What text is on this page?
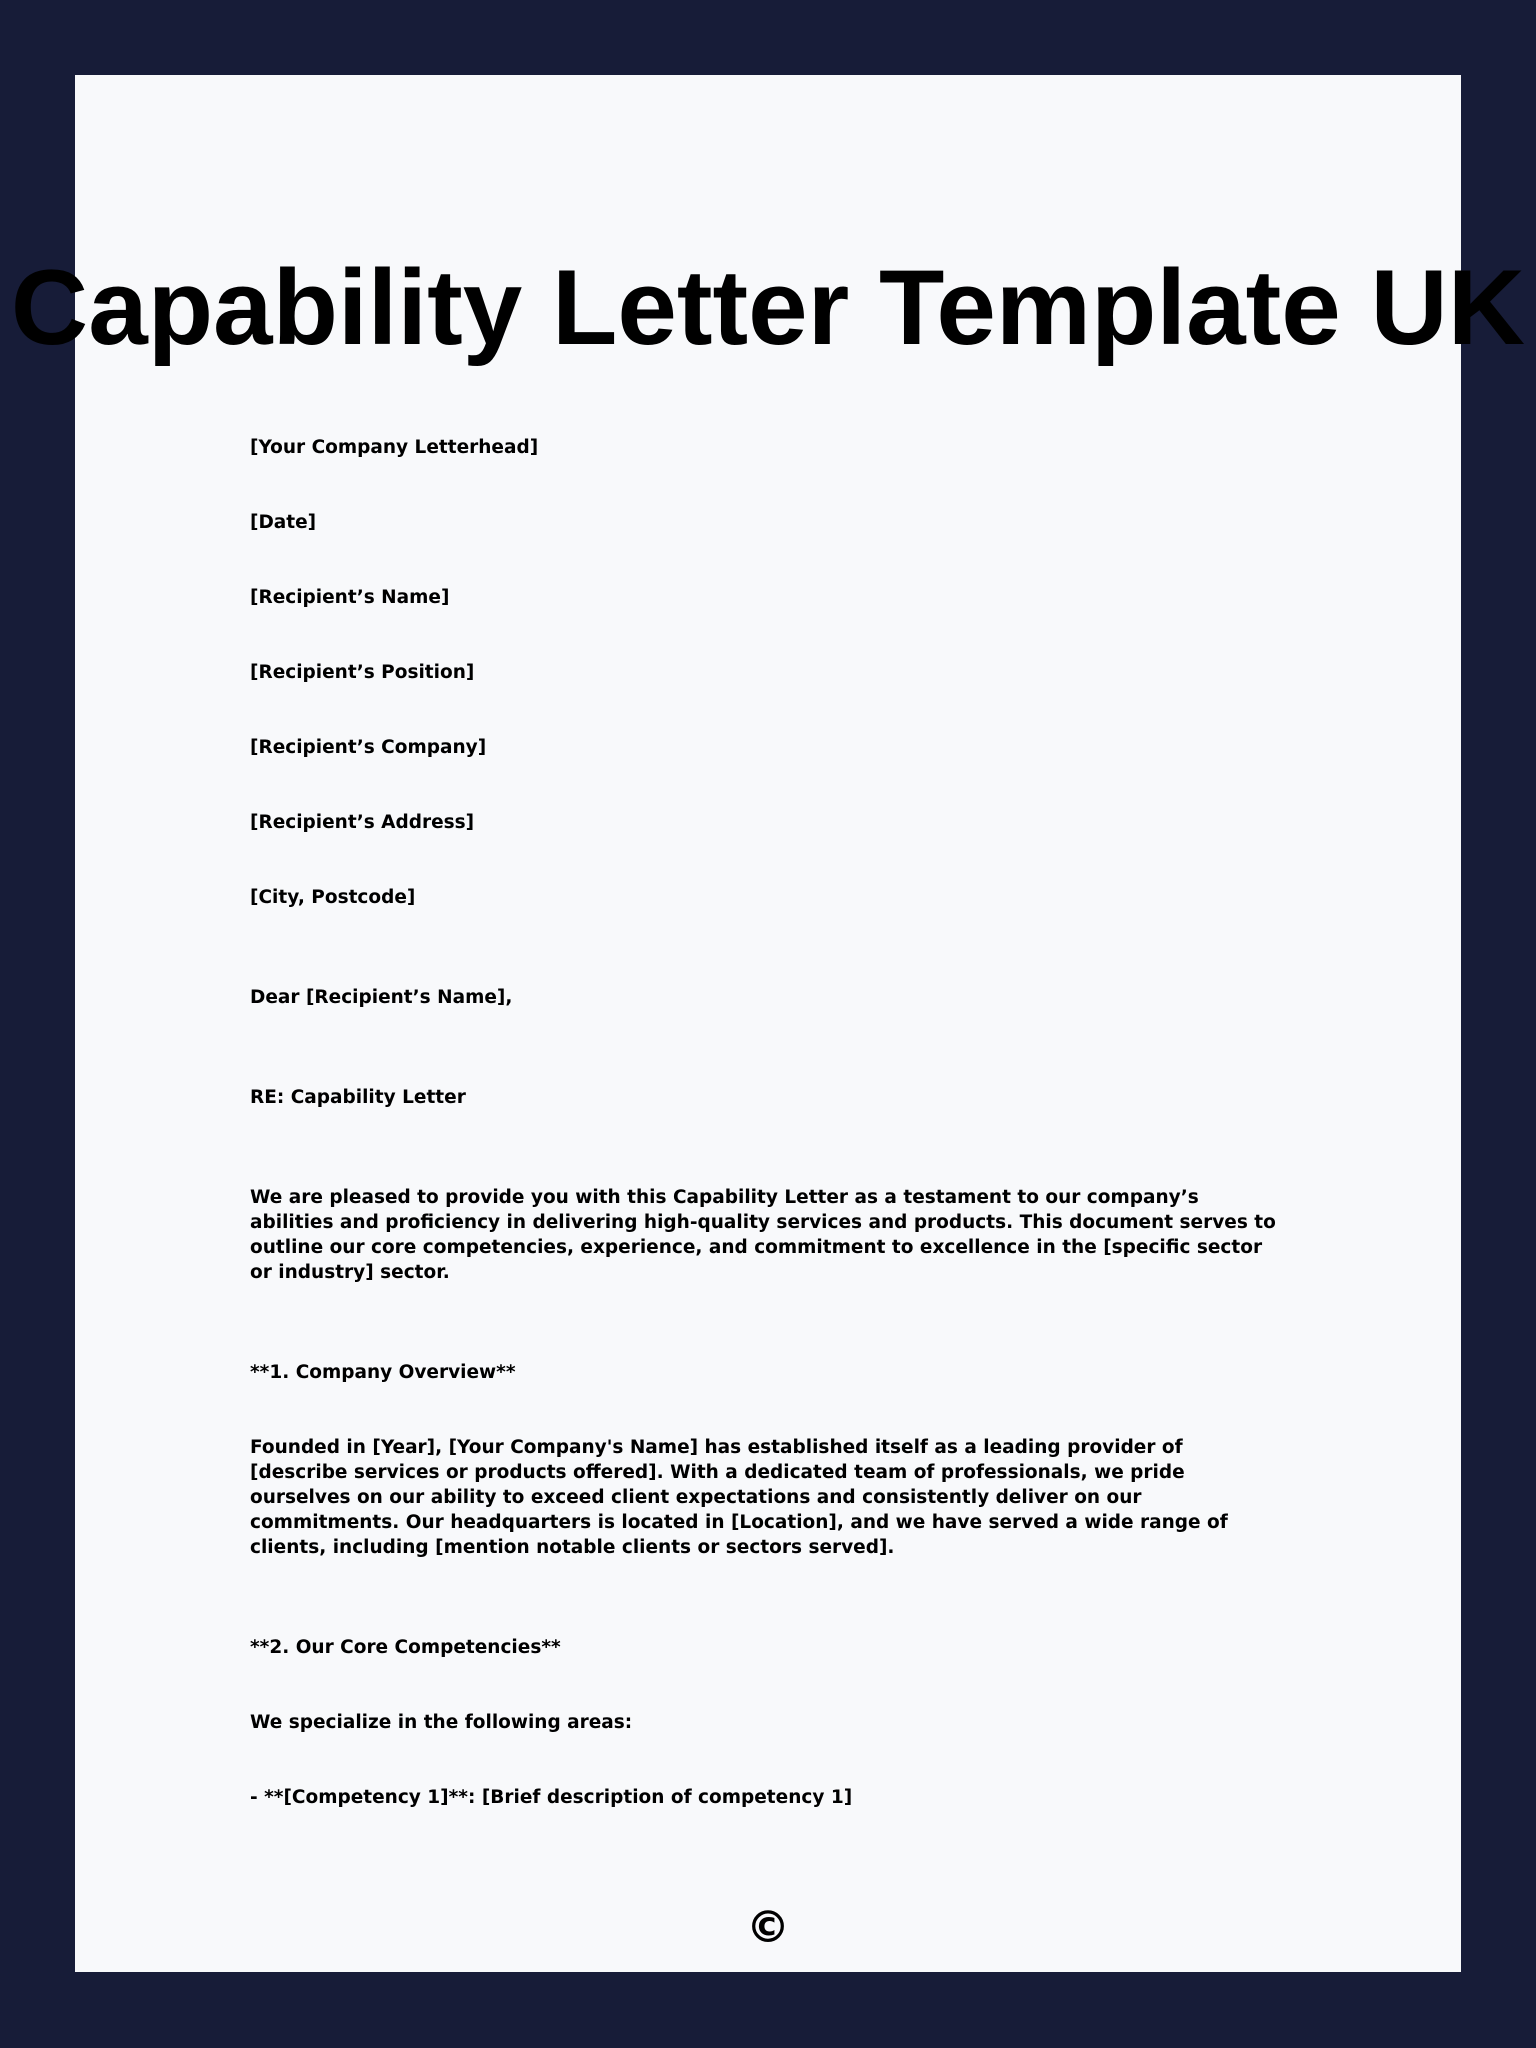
Capability Letter Template UK

[Your Company Letterhead]

[Date]

[Recipient’s Name]

[Recipient’s Position]

[Recipient’s Company]

[Recipient’s Address]

[City, Postcode]

Dear [Recipient’s Name],

RE: Capability Letter

We are pleased to provide you with this Capability Letter as a testament to our company’s abilities and proficiency in delivering high-quality services and products. This document serves to outline our core competencies, experience, and commitment to excellence in the [specific sector or industry] sector.

**1. Company Overview**

Founded in [Year], [Your Company's Name] has established itself as a leading provider of [describe services or products offered]. With a dedicated team of professionals, we pride ourselves on our ability to exceed client expectations and consistently deliver on our commitments. Our headquarters is located in [Location], and we have served a wide range of clients, including [mention notable clients or sectors served].

**2. Our Core Competencies**

We specialize in the following areas:

- **[Competency 1]**: [Brief description of competency 1]

©
